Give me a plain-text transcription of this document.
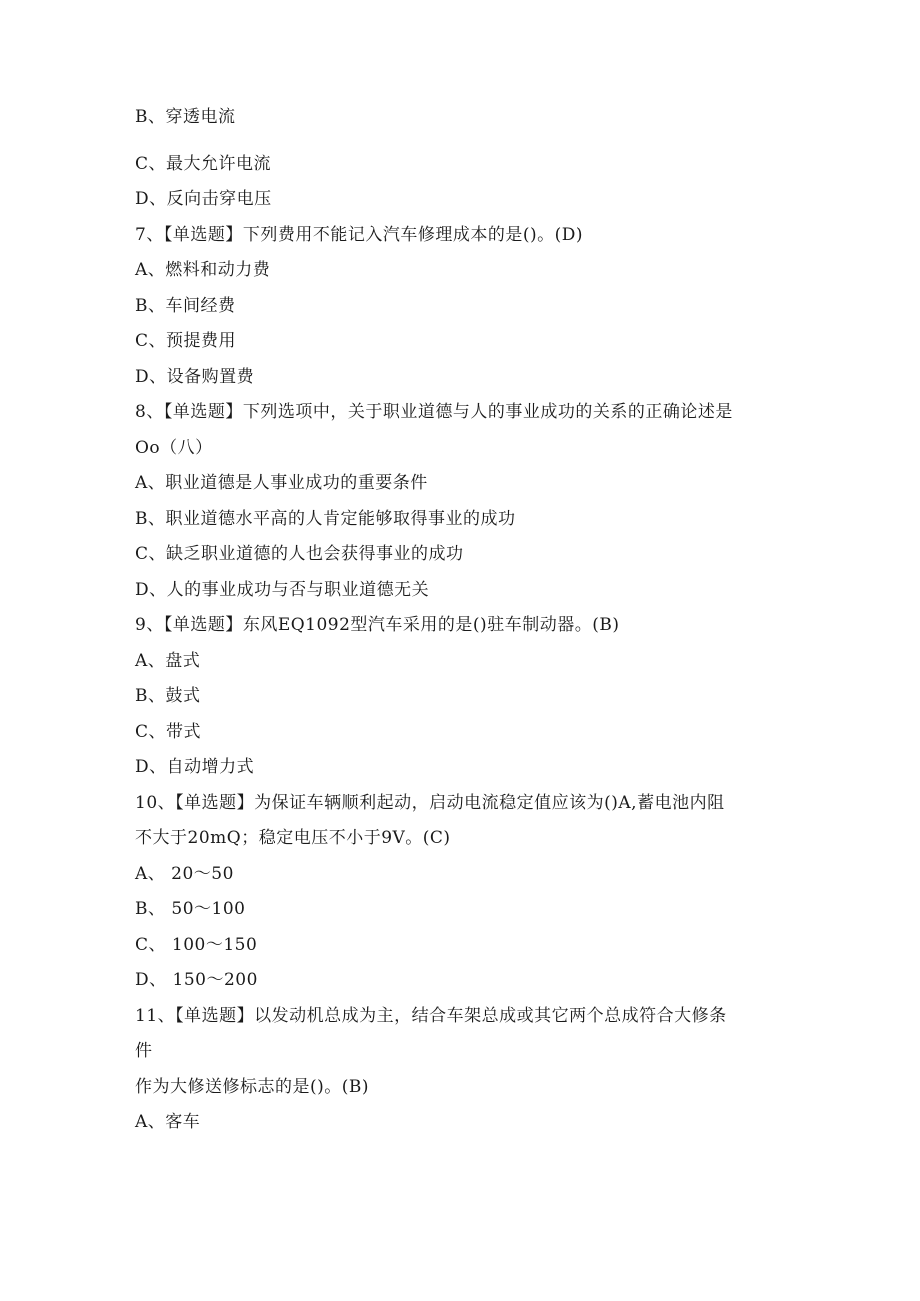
B、穿透电流
C、最大允许电流
D、反向击穿电压
7、【单选题】下列费用不能记入汽车修理成本的是()。(D)
A、燃料和动力费
B、车间经费
C、预提费用
D、设备购置费
8、【单选题】下列选项中，关于职业道德与人的事业成功的关系的正确论述是
Oo（八）
A、职业道德是人事业成功的重要条件
B、职业道德水平高的人肯定能够取得事业的成功
C、缺乏职业道德的人也会获得事业的成功
D、人的事业成功与否与职业道德无关
9、【单选题】东风EQ1092型汽车采用的是()驻车制动器。(B)
A、盘式
B、鼓式
C、带式
D、自动增力式
10、【单选题】为保证车辆顺利起动，启动电流稳定值应该为()A,蓄电池内阻
不大于20mQ；稳定电压不小于9V。(C)
A、 20～50
B、 50～100
C、 100～150
D、 150～200
11、【单选题】以发动机总成为主，结合车架总成或其它两个总成符合大修条
件
作为大修送修标志的是()。(B)
A、客车
